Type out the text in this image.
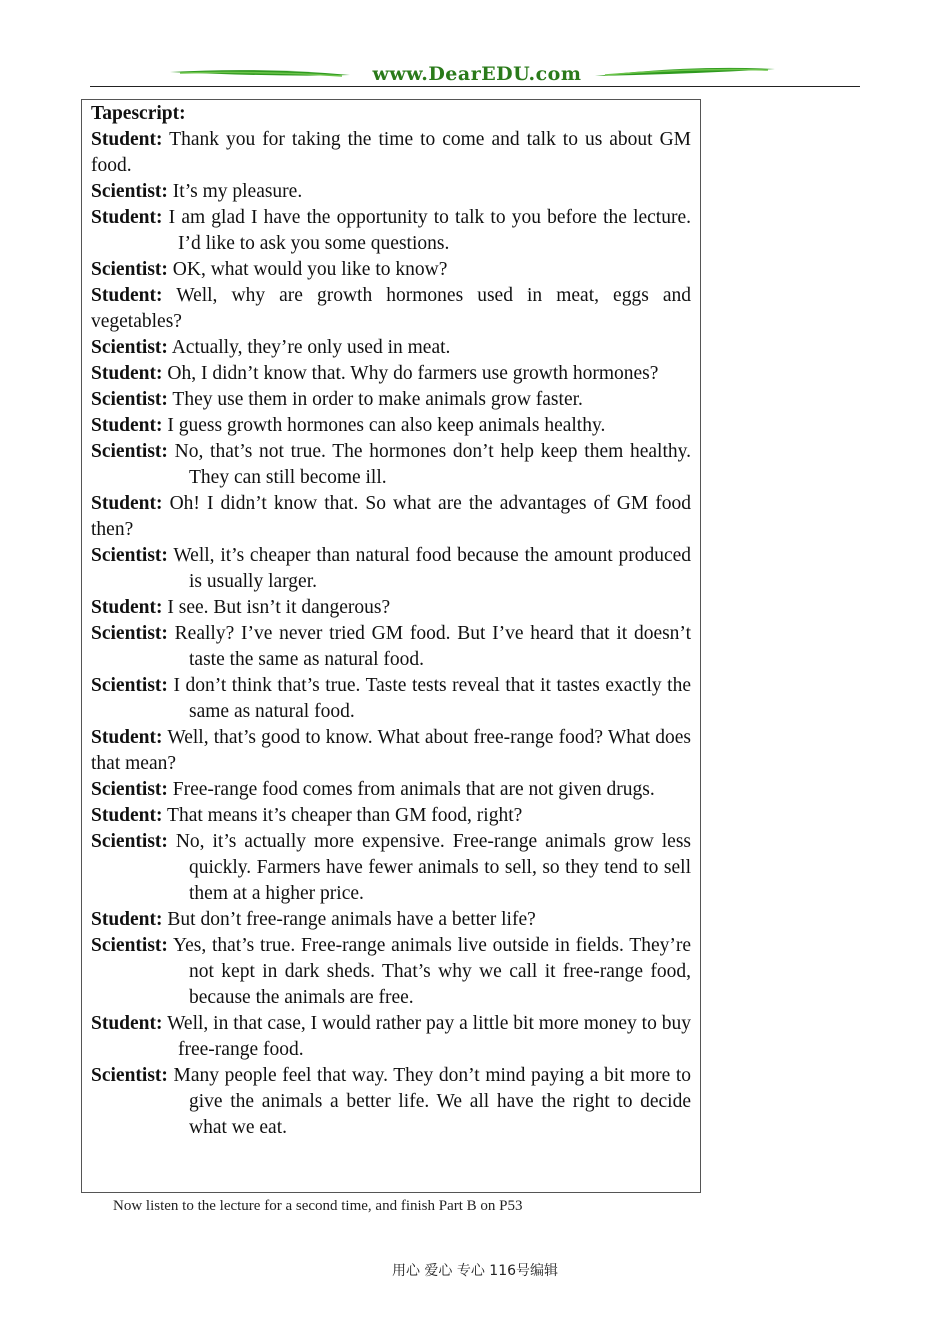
www.DearEDU.com

Tapescript:

Student: Thank you for taking the time to come and talk to us about GM food.

Scientist: It’s my pleasure.

Student: I am glad I have the opportunity to talk to you before the lecture. I’d like to ask you some questions.

Scientist: OK, what would you like to know?

Student: Well, why are growth hormones used in meat, eggs and vegetables?

Scientist: Actually, they’re only used in meat.

Student: Oh, I didn’t know that. Why do farmers use growth hormones?

Scientist: They use them in order to make animals grow faster.

Student: I guess growth hormones can also keep animals healthy.

Scientist: No, that’s not true. The hormones don’t help keep them healthy. They can still become ill.

Student: Oh! I didn’t know that. So what are the advantages of GM food then?

Scientist: Well, it’s cheaper than natural food because the amount produced is usually larger.

Student: I see. But isn’t it dangerous?

Scientist: Really? I’ve never tried GM food. But I’ve heard that it doesn’t taste the same as natural food.

Scientist: I don’t think that’s true. Taste tests reveal that it tastes exactly the same as natural food.

Student: Well, that’s good to know. What about free-range food? What does that mean?

Scientist: Free-range food comes from animals that are not given drugs.

Student: That means it’s cheaper than GM food, right?

Scientist: No, it’s actually more expensive. Free-range animals grow less quickly. Farmers have fewer animals to sell, so they tend to sell them at a higher price.

Student: But don’t free-range animals have a better life?

Scientist: Yes, that’s true. Free-range animals live outside in fields. They’re not kept in dark sheds. That’s why we call it free-range food, because the animals are free.

Student: Well, in that case, I would rather pay a little bit more money to buy free-range food.

Scientist: Many people feel that way. They don’t mind paying a bit more to give the animals a better life. We all have the right to decide what we eat.

Now listen to the lecture for a second time, and finish Part B on P53
用心 爱心 专心 116号编辑
